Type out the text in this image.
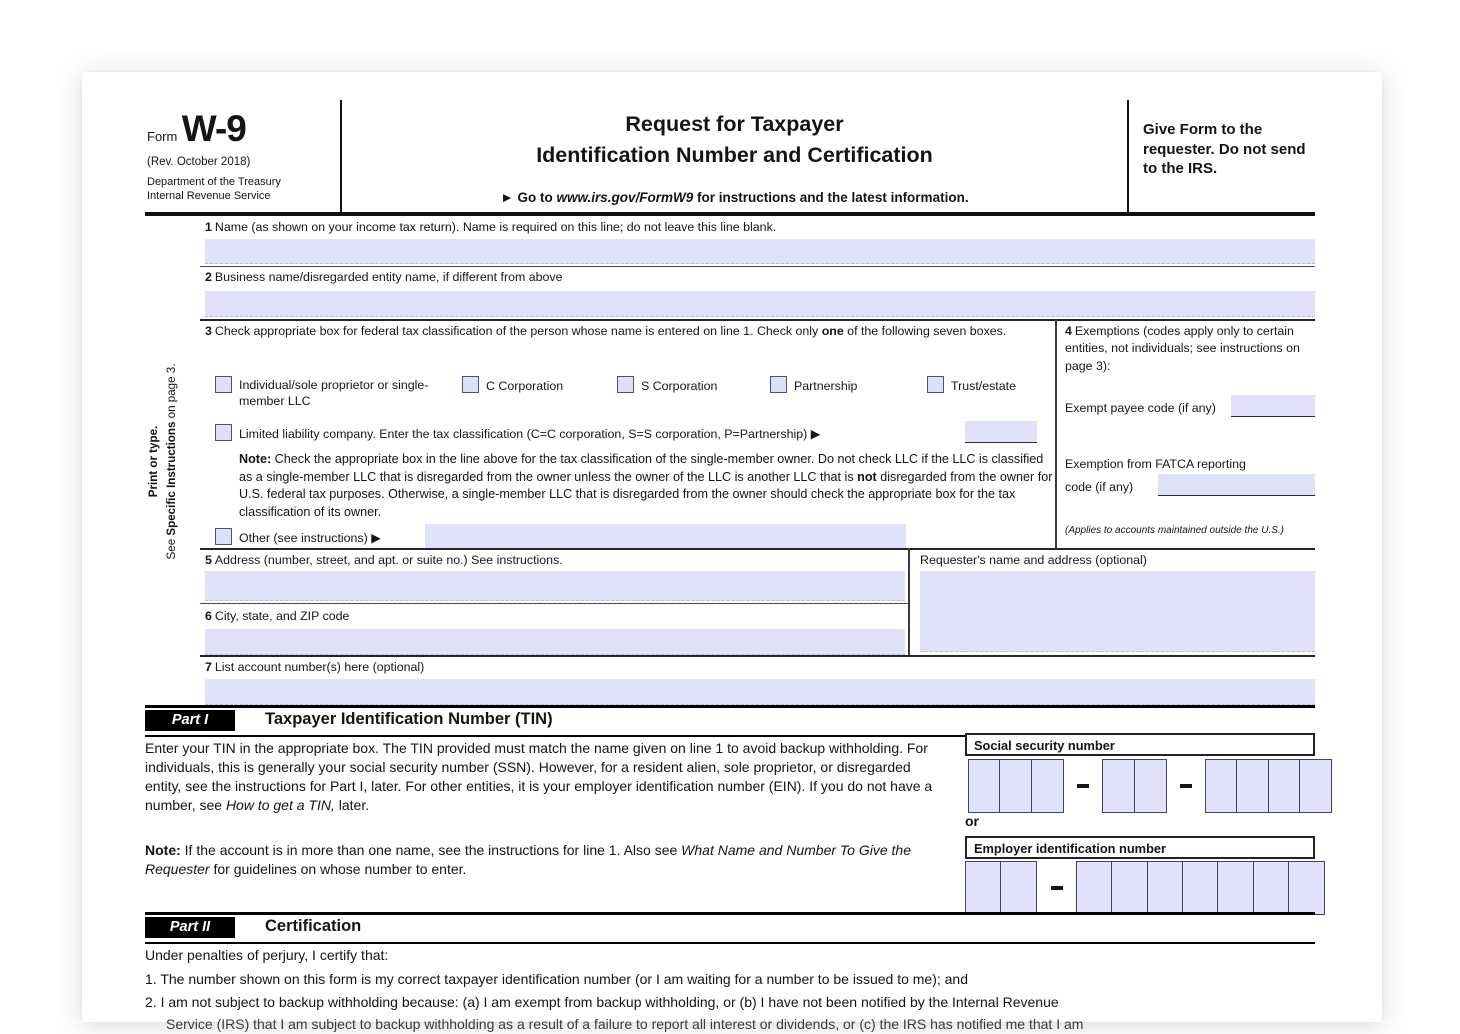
Form W-9
(Rev. October 2018)
Department of the Treasury
Internal Revenue Service
Request for Taxpayer
Identification Number and Certification
► Go to www.irs.gov/FormW9 for instructions and the latest information.
Give Form to the requester. Do not send to the IRS.
Print or type.
See Specific Instructions on page 3.
1 Name (as shown on your income tax return). Name is required on this line; do not leave this line blank.
2 Business name/disregarded entity name, if different from above
3 Check appropriate box for federal tax classification of the person whose name is entered on line 1. Check only one of the following seven boxes.
Individual/sole proprietor or single-member LLC
C Corporation	S Corporation	Partnership	Trust/estate
Limited liability company. Enter the tax classification (C=C corporation, S=S corporation, P=Partnership) ▶
Note: Check the appropriate box in the line above for the tax classification of the single-member owner. Do not check LLC if the LLC is classified as a single-member LLC that is disregarded from the owner unless the owner of the LLC is another LLC that is not disregarded from the owner for U.S. federal tax purposes. Otherwise, a single-member LLC that is disregarded from the owner should check the appropriate box for the tax classification of its owner.
Other (see instructions) ▶
4 Exemptions (codes apply only to certain entities, not individuals; see instructions on page 3):
Exempt payee code (if any)
Exemption from FATCA reporting
code (if any)
(Applies to accounts maintained outside the U.S.)
5 Address (number, street, and apt. or suite no.) See instructions.
6 City, state, and ZIP code
Requester's name and address (optional)
7 List account number(s) here (optional)
Part I	Taxpayer Identification Number (TIN)
Enter your TIN in the appropriate box. The TIN provided must match the name given on line 1 to avoid backup withholding. For individuals, this is generally your social security number (SSN). However, for a resident alien, sole proprietor, or disregarded entity, see the instructions for Part I, later. For other entities, it is your employer identification number (EIN). If you do not have a number, see How to get a TIN, later.
Note: If the account is in more than one name, see the instructions for line 1. Also see What Name and Number To Give the Requester for guidelines on whose number to enter.
Social security number
or
Employer identification number
Part II	Certification
Under penalties of perjury, I certify that:
1. The number shown on this form is my correct taxpayer identification number (or I am waiting for a number to be issued to me); and
2. I am not subject to backup withholding because: (a) I am exempt from backup withholding, or (b) I have not been notified by the Internal Revenue
Service (IRS) that I am subject to backup withholding as a result of a failure to report all interest or dividends, or (c) the IRS has notified me that I am
